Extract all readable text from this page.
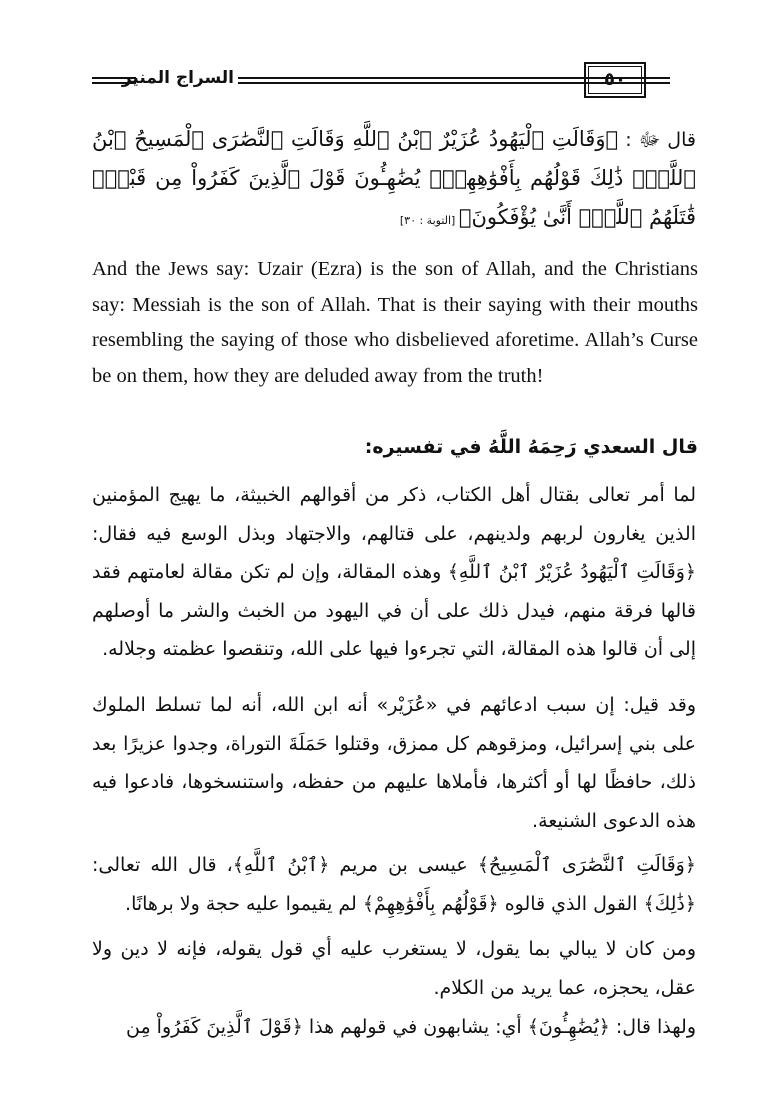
السراج المنير	٥٠
قال ﷻ : ﴿وَقَالَتِ ٱلْيَهُودُ عُزَيْرٌ ٱبْنُ ٱللَّهِ وَقَالَتِ ٱلنَّصَٰرَى ٱلْمَسِيحُ ٱبْنُ ٱللَّهِۖ ذَٰلِكَ قَوْلُهُم بِأَفْوَٰهِهِمْۖ يُضَٰهِـُٔونَ قَوْلَ ٱلَّذِينَ كَفَرُواْ مِن قَبْلُۚ قَٰتَلَهُمُ ٱللَّهُۖ أَنَّىٰ يُؤْفَكُونَ﴾ [التوبة : ٣٠]
And the Jews say: Uzair (Ezra) is the son of Allah, and the Christians say: Messiah is the son of Allah. That is their saying with their mouths resembling the saying of those who disbelieved aforetime. Allah’s Curse be on them, how they are deluded away from the truth!
قال السعدي رَحِمَهُ اللَّهُ في تفسيره:
لما أمر تعالى بقتال أهل الكتاب، ذكر من أقوالهم الخبيثة، ما يهيج المؤمنين الذين يغارون لربهم ولدينهم، على قتالهم، والاجتهاد وبذل الوسع فيه فقال: ﴿وَقَالَتِ ٱلْيَهُودُ عُزَيْرٌ ٱبْنُ ٱللَّهِ﴾ وهذه المقالة، وإن لم تكن مقالة لعامتهم فقد قالها فرقة منهم، فيدل ذلك على أن في اليهود من الخبث والشر ما أوصلهم إلى أن قالوا هذه المقالة، التي تجرءوا فيها على الله، وتنقصوا عظمته وجلاله.
وقد قيل: إن سبب ادعائهم في «عُزَيْر» أنه ابن الله، أنه لما تسلط الملوك على بني إسرائيل، ومزقوهم كل ممزق، وقتلوا حَمَلَةَ التوراة، وجدوا عزيرًا بعد ذلك، حافظًا لها أو أكثرها، فأملاها عليهم من حفظه، واستنسخوها، فادعوا فيه هذه الدعوى الشنيعة.
﴿وَقَالَتِ ٱلنَّصَٰرَى ٱلْمَسِيحُ﴾ عيسى بن مريم ﴿ٱبْنُ ٱللَّهِ﴾، قال الله تعالى: ﴿ذَٰلِكَ﴾ القول الذي قالوه ﴿قَوْلُهُم بِأَفْوَٰهِهِمْ﴾ لم يقيموا عليه حجة ولا برهانًا.
ومن كان لا يبالي بما يقول، لا يستغرب عليه أي قول يقوله، فإنه لا دين ولا عقل، يحجزه، عما يريد من الكلام.
ولهذا قال: ﴿يُضَٰهِـُٔونَ﴾ أي: يشابهون في قولهم هذا ﴿قَوْلَ ٱلَّذِينَ كَفَرُواْ مِن
